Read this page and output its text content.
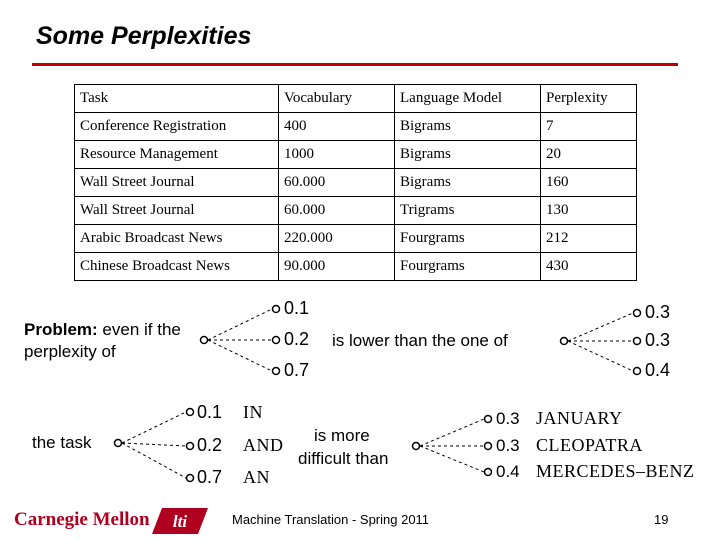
Some Perplexities
Task	Vocabulary	Language Model	Perplexity
Conference Registration	400	Bigrams	7
Resource Management	1000	Bigrams	20
Wall Street Journal	60.000	Bigrams	160
Wall Street Journal	60.000	Trigrams	130
Arabic Broadcast News	220.000	Fourgrams	212
Chinese Broadcast News	90.000	Fourgrams	430
Problem: even if the
perplexity of
0.1
0.2
0.7
is lower than the one of
0.3
0.3
0.4
the task
0.1 IN
0.2 AND
0.7 AN
is more
difficult than
0.3 JANUARY
0.3 CLEOPATRA
0.4 MERCEDES–BENZ
Carnegie Mellon lti	Machine Translation - Spring 2011	19
